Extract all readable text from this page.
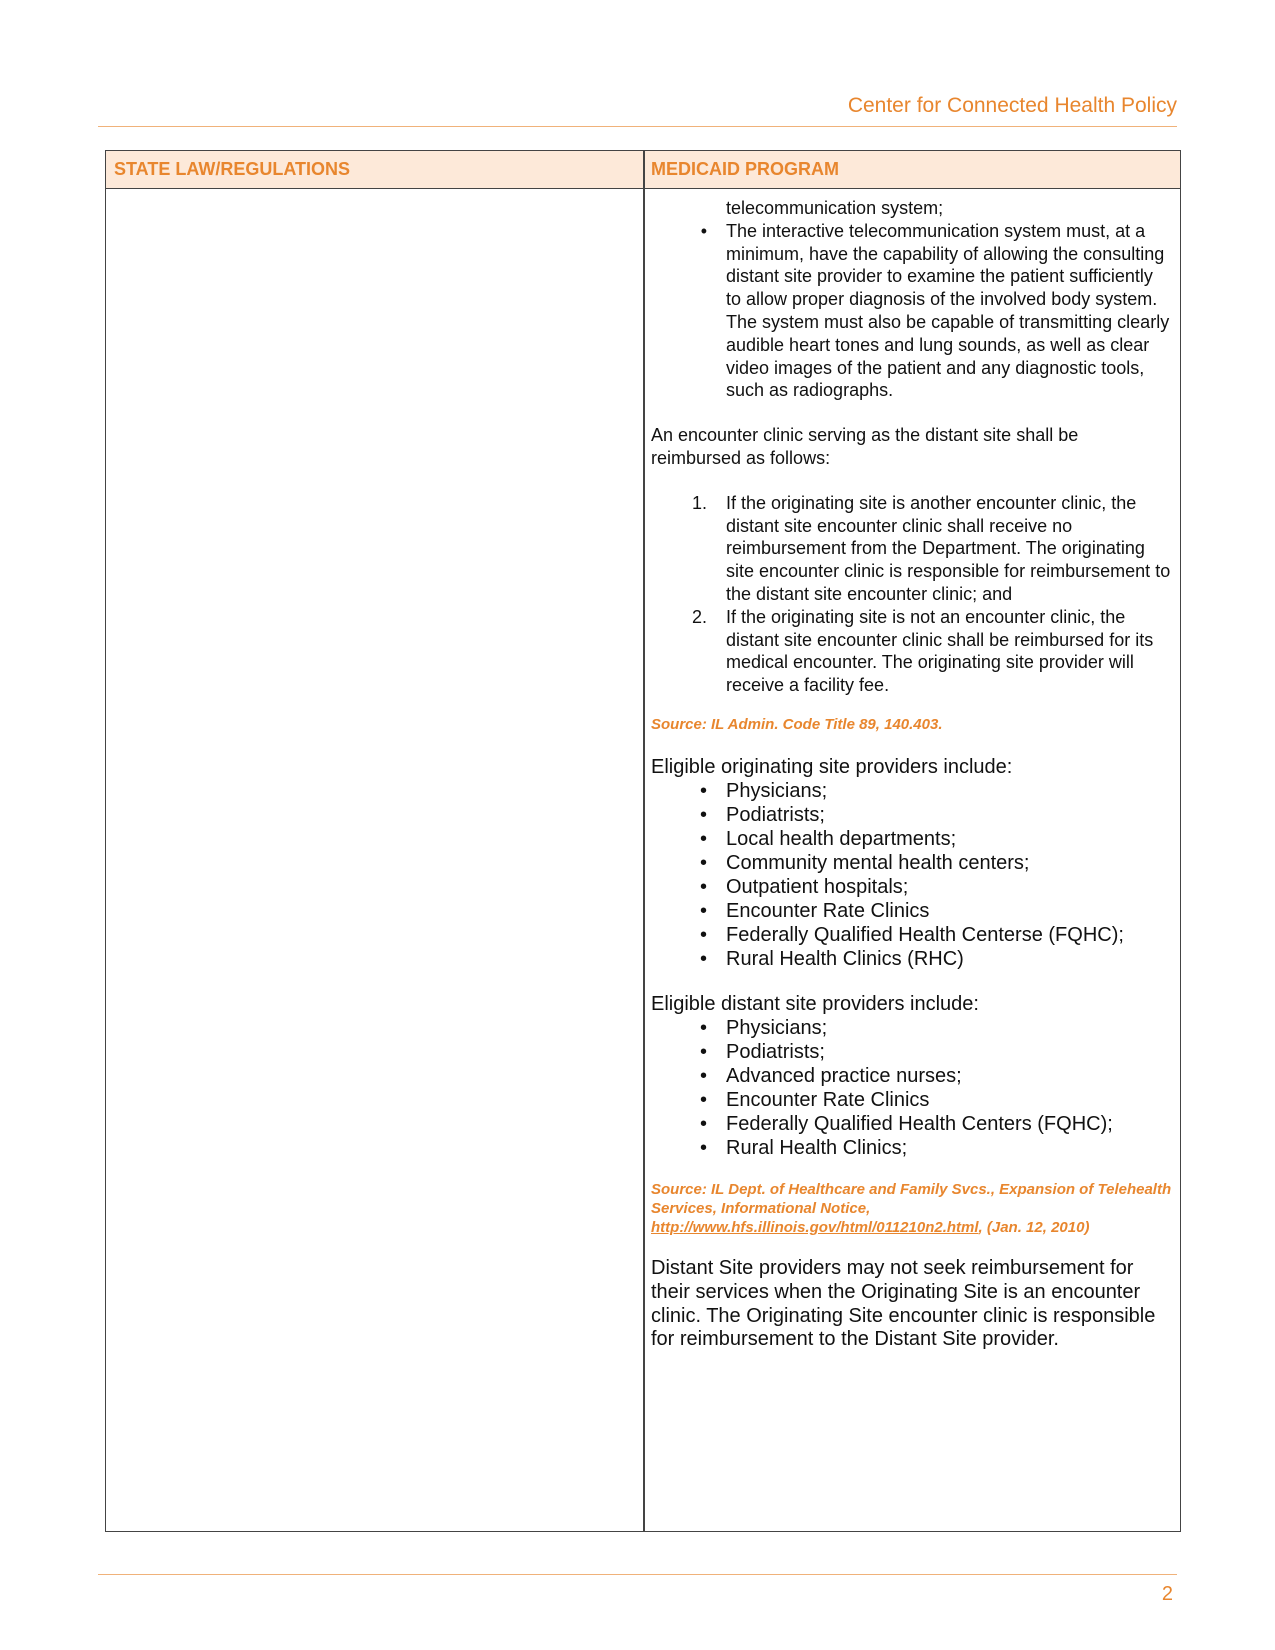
Center for Connected Health Policy
STATE LAW/REGULATIONS	MEDICAID PROGRAM

telecommunication system;

• The interactive telecommunication system must, at a minimum, have the capability of allowing the consulting distant site provider to examine the patient sufficiently to allow proper diagnosis of the involved body system. The system must also be capable of transmitting clearly audible heart tones and lung sounds, as well as clear video images of the patient and any diagnostic tools, such as radiographs.

An encounter clinic serving as the distant site shall be reimbursed as follows:

1. If the originating site is another encounter clinic, the distant site encounter clinic shall receive no reimbursement from the Department. The originating site encounter clinic is responsible for reimbursement to the distant site encounter clinic; and
2. If the originating site is not an encounter clinic, the distant site encounter clinic shall be reimbursed for its medical encounter. The originating site provider will receive a facility fee.

Source: IL Admin. Code Title 89, 140.403.

Eligible originating site providers include:

• Physicians;
• Podiatrists;
• Local health departments;
• Community mental health centers;
• Outpatient hospitals;
• Encounter Rate Clinics
• Federally Qualified Health Centerse (FQHC);
• Rural Health Clinics (RHC)

Eligible distant site providers include:

• Physicians;
• Podiatrists;
• Advanced practice nurses;
• Encounter Rate Clinics
• Federally Qualified Health Centers (FQHC);
• Rural Health Clinics;

Source: IL Dept. of Healthcare and Family Svcs., Expansion of Telehealth Services, Informational Notice, http://www.hfs.illinois.gov/html/011210n2.html, (Jan. 12, 2010)

Distant Site providers may not seek reimbursement for their services when the Originating Site is an encounter clinic. The Originating Site encounter clinic is responsible for reimbursement to the Distant Site provider.

2
